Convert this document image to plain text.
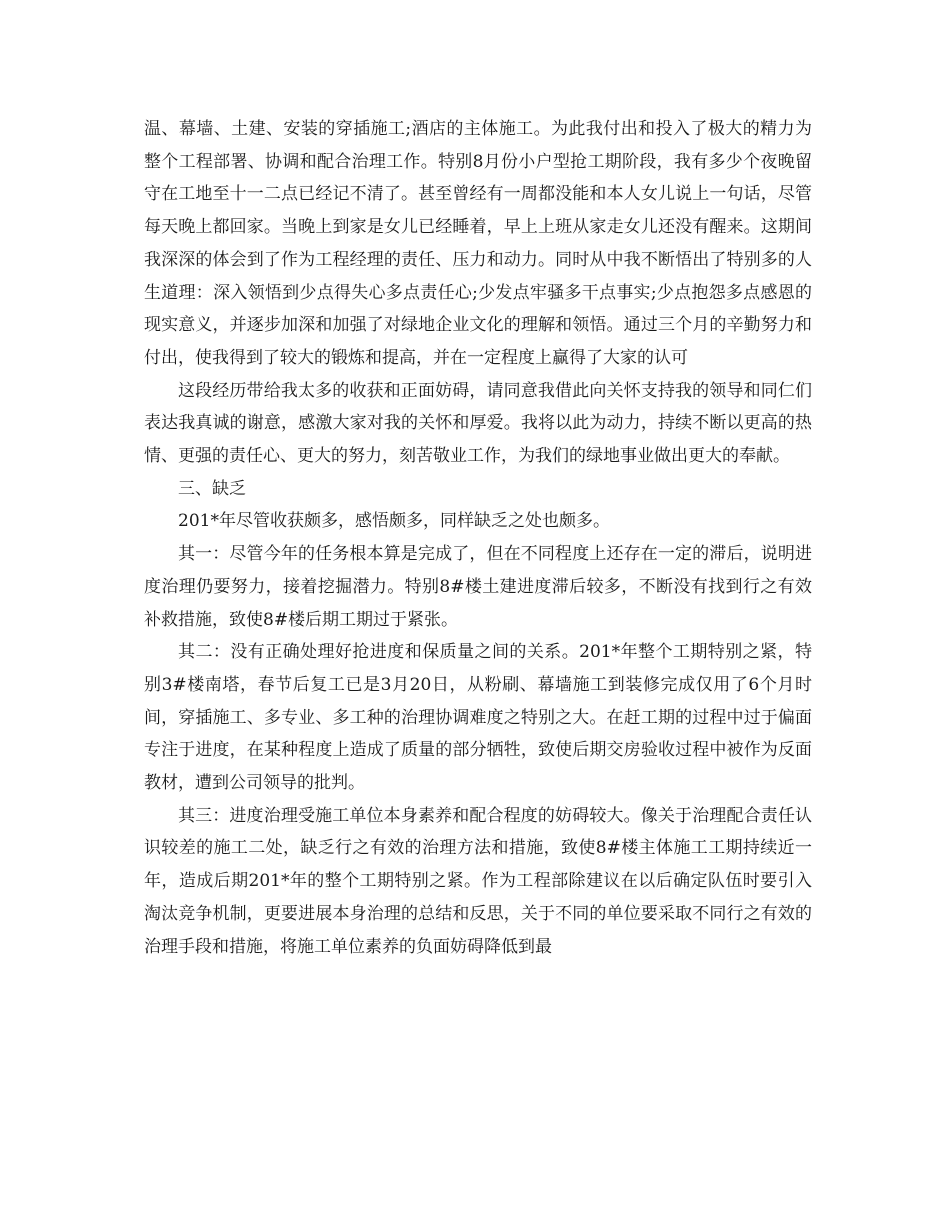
温、幕墙、土建、安装的穿插施工;酒店的主体施工。为此我付出和投入了极大的精力为整个工程部署、协调和配合治理工作。特别8月份小户型抢工期阶段，我有多少个夜晚留守在工地至十一二点已经记不清了。甚至曾经有一周都没能和本人女儿说上一句话，尽管每天晚上都回家。当晚上到家是女儿已经睡着，早上上班从家走女儿还没有醒来。这期间我深深的体会到了作为工程经理的责任、压力和动力。同时从中我不断悟出了特别多的人生道理：深入领悟到少点得失心多点责任心;少发点牢骚多干点事实;少点抱怨多点感恩的现实意义，并逐步加深和加强了对绿地企业文化的理解和领悟。通过三个月的辛勤努力和付出，使我得到了较大的锻炼和提高，并在一定程度上赢得了大家的认可

这段经历带给我太多的收获和正面妨碍，请同意我借此向关怀支持我的领导和同仁们表达我真诚的谢意，感激大家对我的关怀和厚爱。我将以此为动力，持续不断以更高的热情、更强的责任心、更大的努力，刻苦敬业工作，为我们的绿地事业做出更大的奉献。

三、缺乏

201*年尽管收获颇多，感悟颇多，同样缺乏之处也颇多。

其一：尽管今年的任务根本算是完成了，但在不同程度上还存在一定的滞后，说明进度治理仍要努力，接着挖掘潜力。特别8#楼土建进度滞后较多，不断没有找到行之有效补救措施，致使8#楼后期工期过于紧张。

其二：没有正确处理好抢进度和保质量之间的关系。201*年整个工期特别之紧，特别3#楼南塔，春节后复工已是3月20日，从粉刷、幕墙施工到装修完成仅用了6个月时间，穿插施工、多专业、多工种的治理协调难度之特别之大。在赶工期的过程中过于偏面专注于进度，在某种程度上造成了质量的部分牺牲，致使后期交房验收过程中被作为反面教材，遭到公司领导的批判。

其三：进度治理受施工单位本身素养和配合程度的妨碍较大。像关于治理配合责任认识较差的施工二处，缺乏行之有效的治理方法和措施，致使8#楼主体施工工期持续近一年，造成后期201*年的整个工期特别之紧。作为工程部除建议在以后确定队伍时要引入淘汰竞争机制，更要进展本身治理的总结和反思，关于不同的单位要采取不同行之有效的治理手段和措施，将施工单位素养的负面妨碍降低到最
